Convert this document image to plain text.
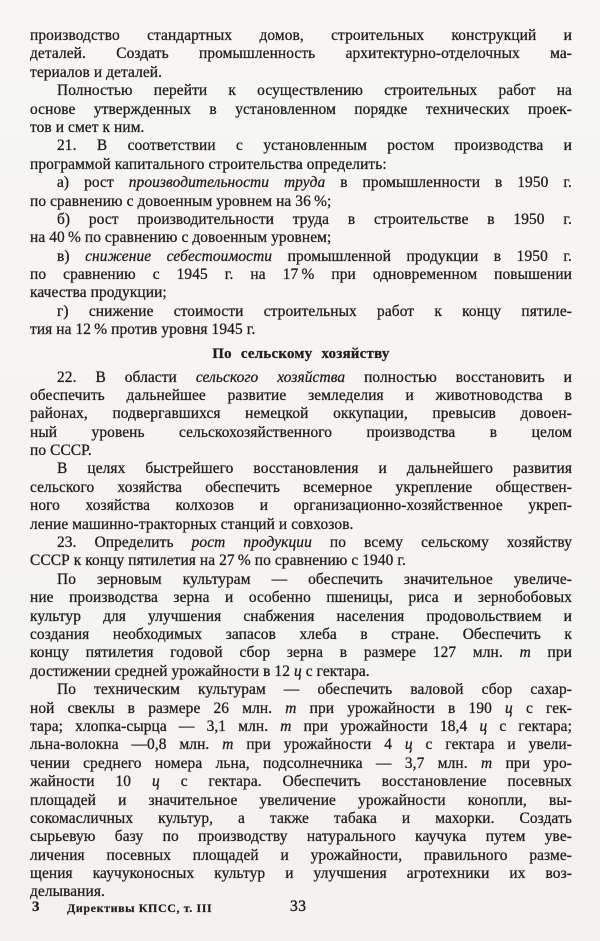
производство стандартных домов, строительных конструкций и
деталей. Создать промышленность архитектурно-отделочных ма-
териалов и деталей.
Полностью перейти к осуществлению строительных работ на
основе утвержденных в установленном порядке технических проек-
тов и смет к ним.
21. В соответствии с установленным ростом производства и
программой капитального строительства определить:
а) рост производительности труда в промышленности в 1950 г.
по сравнению с довоенным уровнем на 36 %;
б) рост производительности труда в строительстве в 1950 г.
на 40 % по сравнению с довоенным уровнем;
в) снижение себестоимости промышленной продукции в 1950 г.
по сравнению с 1945 г. на 17 % при одновременном повышении
качества продукции;
г) снижение стоимости строительных работ к концу пятиле-
тия на 12 % против уровня 1945 г.
По сельскому хозяйству
22. В области сельского хозяйства полностью восстановить и
обеспечить дальнейшее развитие земледелия и животноводства в
районах, подвергавшихся немецкой оккупации, превысив довоен-
ный уровень сельскохозяйственного производства в целом
по СССР.
В целях быстрейшего восстановления и дальнейшего развития
сельского хозяйства обеспечить всемерное укрепление обществен-
ного хозяйства колхозов и организационно-хозяйственное укреп-
ление машинно-тракторных станций и совхозов.
23. Определить рост продукции по всему сельскому хозяйству
СССР к концу пятилетия на 27 % по сравнению с 1940 г.
По зерновым культурам — обеспечить значительное увеличе-
ние производства зерна и особенно пшеницы, риса и зернобобовых
культур для улучшения снабжения населения продовольствием и
создания необходимых запасов хлеба в стране. Обеспечить к
концу пятилетия годовой сбор зерна в размере 127 млн. т при
достижении средней урожайности в 12 ц с гектара.
По техническим культурам — обеспечить валовой сбор сахар-
ной свеклы в размере 26 млн. т при урожайности в 190 ц с гек-
тара; хлопка-сырца — 3,1 млн. т при урожайности 18,4 ц с гектара;
льна-волокна —0,8 млн. т при урожайности 4 ц с гектара и увели-
чении среднего номера льна, подсолнечника — 3,7 млн. т при уро-
жайности 10 ц с гектара. Обеспечить восстановление посевных
площадей и значительное увеличение урожайности конопли, вы-
сокомасличных культур, а также табака и махорки. Создать
сырьевую базу по производству натурального каучука путем уве-
личения посевных площадей и урожайности, правильного разме-
щения каучуконосных культур и улучшения агротехники их воз-
делывания.
3 Директивы КПСС, т. III	33
